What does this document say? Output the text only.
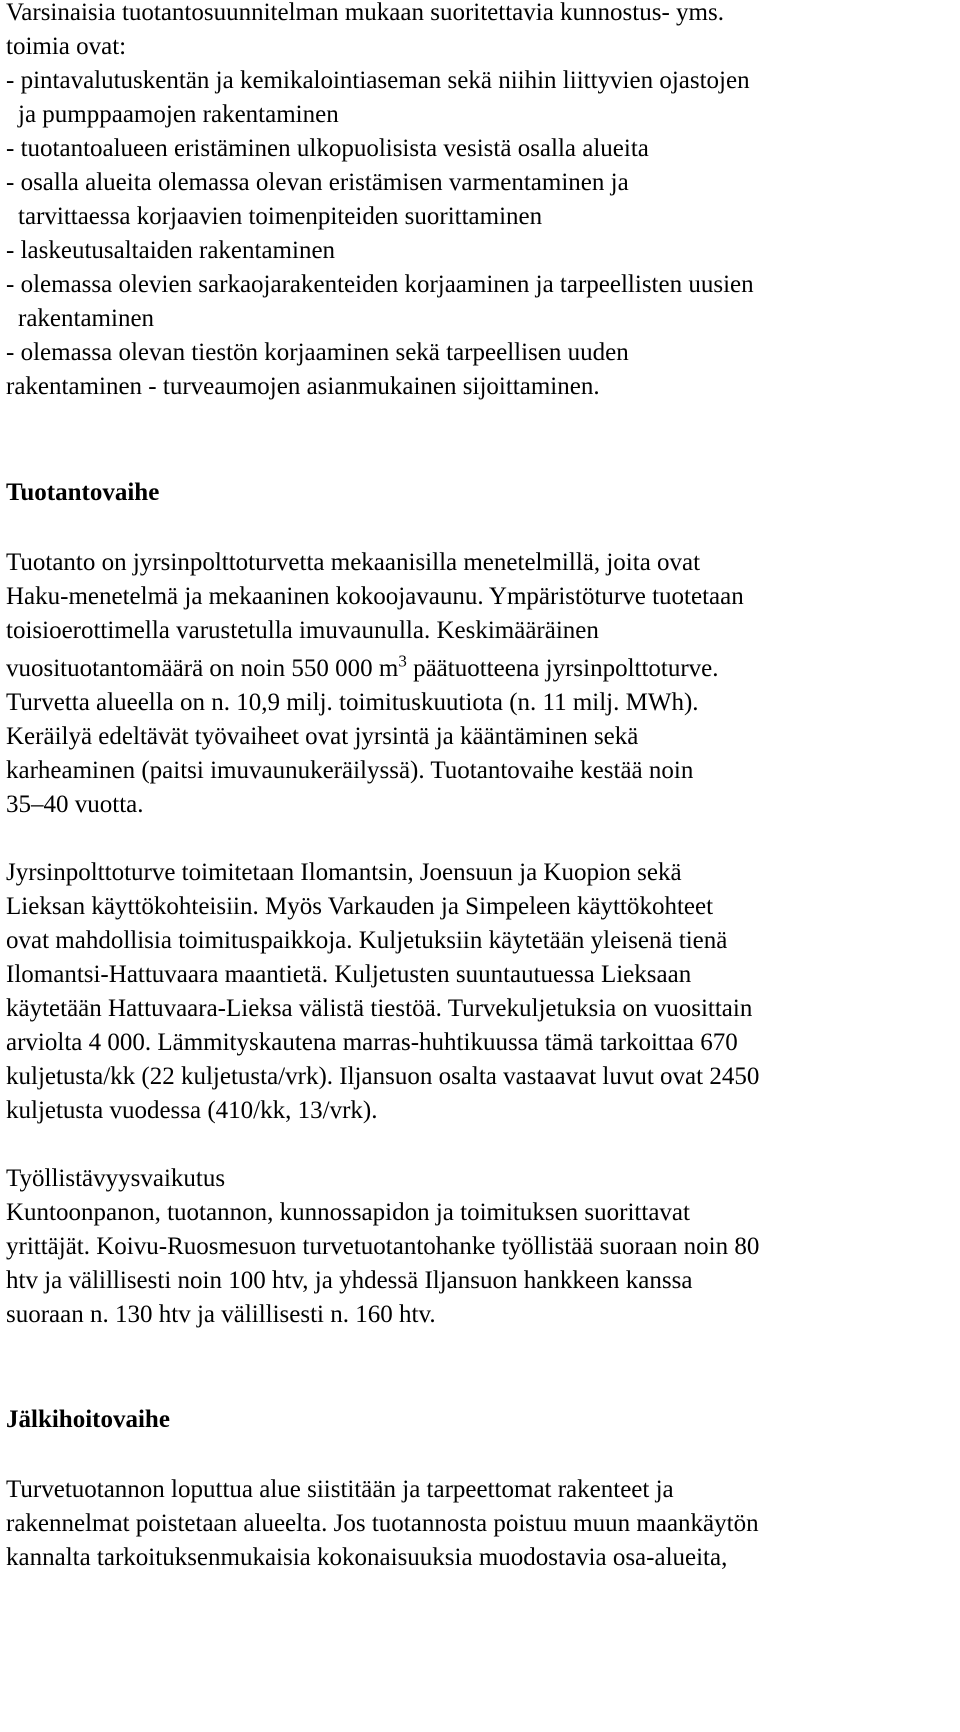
Varsinaisia tuotantosuunnitelman mukaan suoritettavia kunnostus- yms.
toimia ovat:
- pintavalutuskentän ja kemikalointiaseman sekä niihin liittyvien ojastojen
ja pumppaamojen rakentaminen
- tuotantoalueen eristäminen ulkopuolisista vesistä osalla alueita
- osalla alueita olemassa olevan eristämisen varmentaminen ja
tarvittaessa korjaavien toimenpiteiden suorittaminen
- laskeutusaltaiden rakentaminen
- olemassa olevien sarkaojarakenteiden korjaaminen ja tarpeellisten uusien
rakentaminen
- olemassa olevan tiestön korjaaminen sekä tarpeellisen uuden
rakentaminen - turveaumojen asianmukainen sijoittaminen.
Tuotantovaihe
Tuotanto on jyrsinpolttoturvetta mekaanisilla menetelmillä, joita ovat
Haku-menetelmä ja mekaaninen kokoojavaunu. Ympäristöturve tuotetaan
toisioerottimella varustetulla imuvaunulla. Keskimääräinen
vuosituotantomäärä on noin 550 000 $m^3$ päätuotteena jyrsinpolttoturve.
Turvetta alueella on n. 10,9 milj. toimituskuutiota (n. 11 milj. MWh).
Keräilyä edeltävät työvaiheet ovat jyrsintä ja kääntäminen sekä
karheaminen (paitsi imuvaunukeräilyssä). Tuotantovaihe kestää noin
35–40 vuotta.
Jyrsinpolttoturve toimitetaan Ilomantsin, Joensuun ja Kuopion sekä
Lieksan käyttökohteisiin. Myös Varkauden ja Simpeleen käyttökohteet
ovat mahdollisia toimituspaikkoja. Kuljetuksiin käytetään yleisenä tienä
Ilomantsi-Hattuvaara maantietä. Kuljetusten suuntautuessa Lieksaan
käytetään Hattuvaara-Lieksa välistä tiestöä. Turvekuljetuksia on vuosittain
arviolta 4 000. Lämmityskautena marras-huhtikuussa tämä tarkoittaa 670
kuljetusta/kk (22 kuljetusta/vrk). Iljansuon osalta vastaavat luvut ovat 2450
kuljetusta vuodessa (410/kk, 13/vrk).
Työllistävyysvaikutus
Kuntoonpanon, tuotannon, kunnossapidon ja toimituksen suorittavat
yrittäjät. Koivu-Ruosmesuon turvetuotantohanke työllistää suoraan noin 80
htv ja välillisesti noin 100 htv, ja yhdessä Iljansuon hankkeen kanssa
suoraan n. 130 htv ja välillisesti n. 160 htv.
Jälkihoitovaihe
Turvetuotannon loputtua alue siistitään ja tarpeettomat rakenteet ja
rakennelmat poistetaan alueelta. Jos tuotannosta poistuu muun maankäytön
kannalta tarkoituksenmukaisia kokonaisuuksia muodostavia osa-alueita,
